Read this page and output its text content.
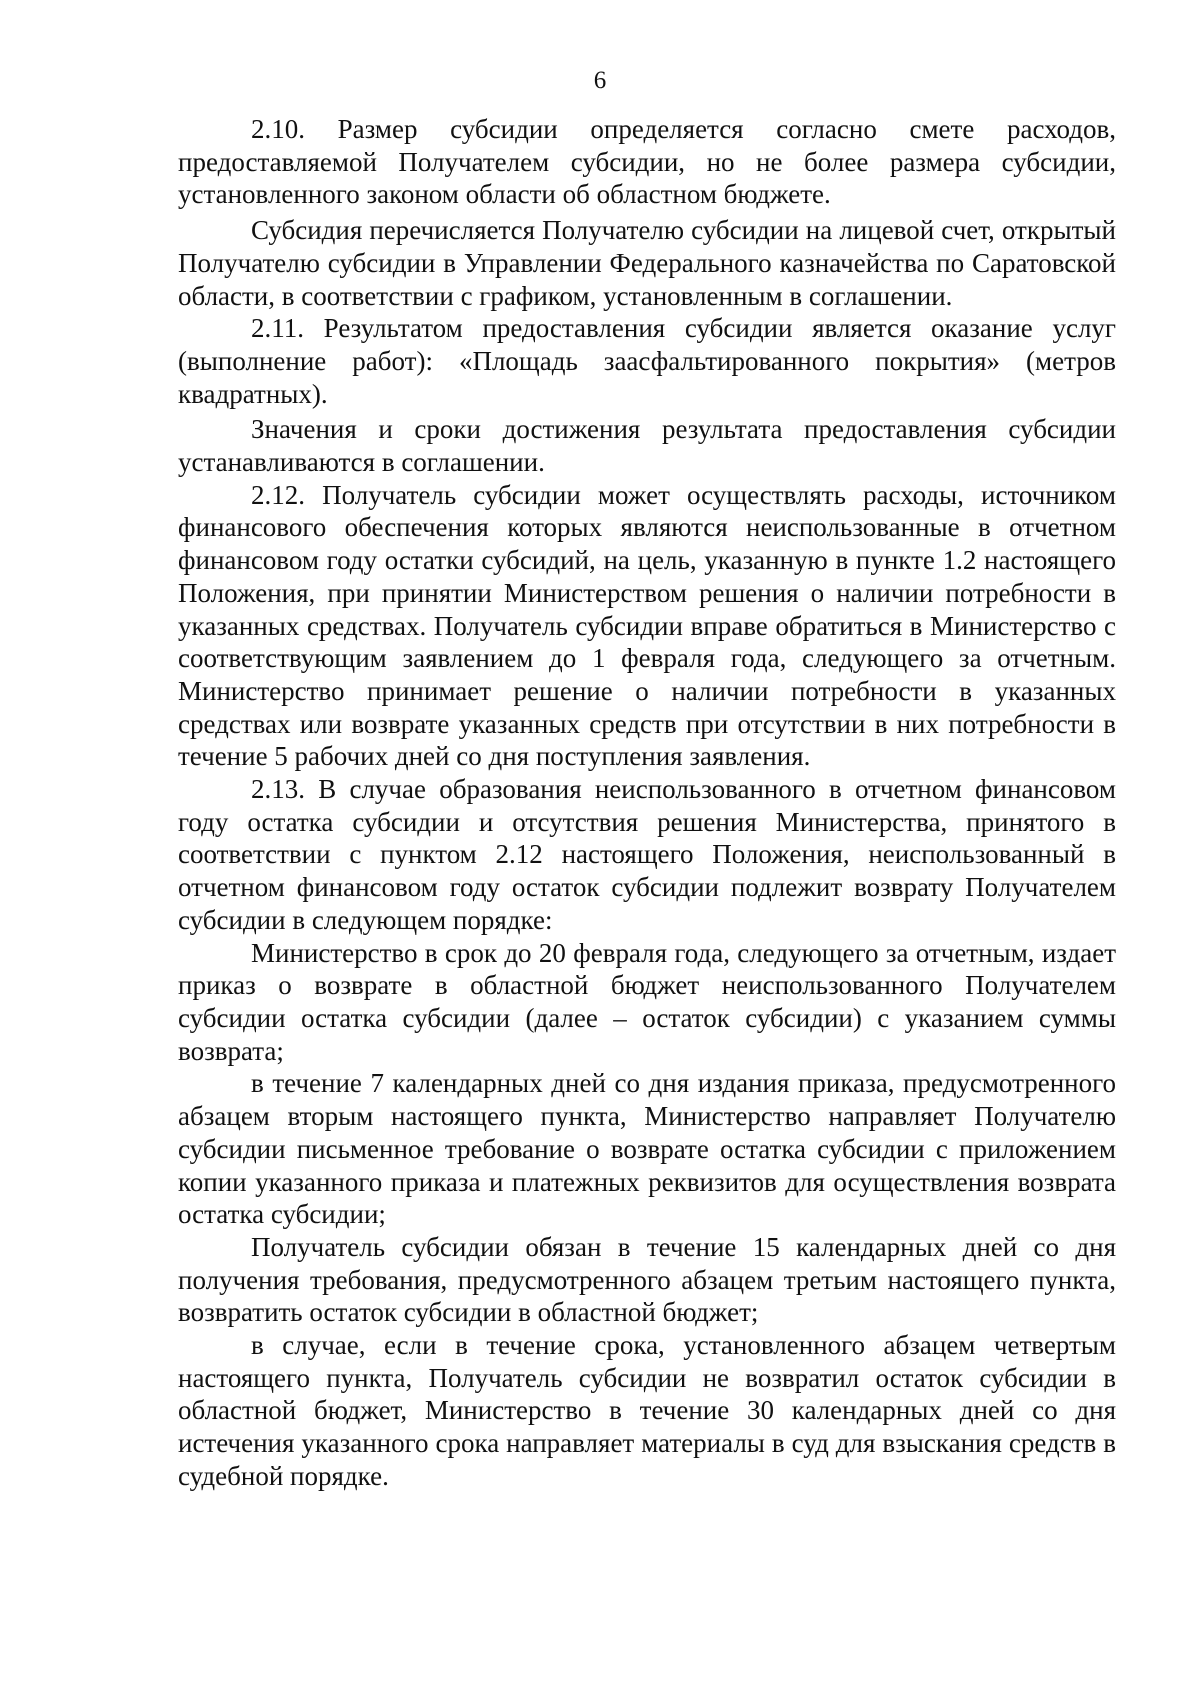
6

2.10. Размер субсидии определяется согласно смете расходов, предоставляемой Получателем субсидии, но не более размера субсидии, установленного законом области об областном бюджете.

Субсидия перечисляется Получателю субсидии на лицевой счет, открытый Получателю субсидии в Управлении Федерального казначейства по Саратовской области, в соответствии с графиком, установленным в соглашении.

2.11. Результатом предоставления субсидии является оказание услуг (выполнение работ): «Площадь заасфальтированного покрытия» (метров квадратных).

Значения и сроки достижения результата предоставления субсидии устанавливаются в соглашении.

2.12. Получатель субсидии может осуществлять расходы, источником финансового обеспечения которых являются неиспользованные в отчетном финансовом году остатки субсидий, на цель, указанную в пункте 1.2 настоящего Положения, при принятии Министерством решения о наличии потребности в указанных средствах. Получатель субсидии вправе обратиться в Министерство с соответствующим заявлением до 1 февраля года, следующего за отчетным. Министерство принимает решение о наличии потребности в указанных средствах или возврате указанных средств при отсутствии в них потребности в течение 5 рабочих дней со дня поступления заявления.

2.13. В случае образования неиспользованного в отчетном финансовом году остатка субсидии и отсутствия решения Министерства, принятого в соответствии с пунктом 2.12 настоящего Положения, неиспользованный в отчетном финансовом году остаток субсидии подлежит возврату Получателем субсидии в следующем порядке:

Министерство в срок до 20 февраля года, следующего за отчетным, издает приказ о возврате в областной бюджет неиспользованного Получателем субсидии остатка субсидии (далее – остаток субсидии) с указанием суммы возврата;

в течение 7 календарных дней со дня издания приказа, предусмотренного абзацем вторым настоящего пункта, Министерство направляет Получателю субсидии письменное требование о возврате остатка субсидии с приложением копии указанного приказа и платежных реквизитов для осуществления возврата остатка субсидии;

Получатель субсидии обязан в течение 15 календарных дней со дня получения требования, предусмотренного абзацем третьим настоящего пункта, возвратить остаток субсидии в областной бюджет;

в случае, если в течение срока, установленного абзацем четвертым настоящего пункта, Получатель субсидии не возвратил остаток субсидии в областной бюджет, Министерство в течение 30 календарных дней со дня истечения указанного срока направляет материалы в суд для взыскания средств в судебной порядке.
